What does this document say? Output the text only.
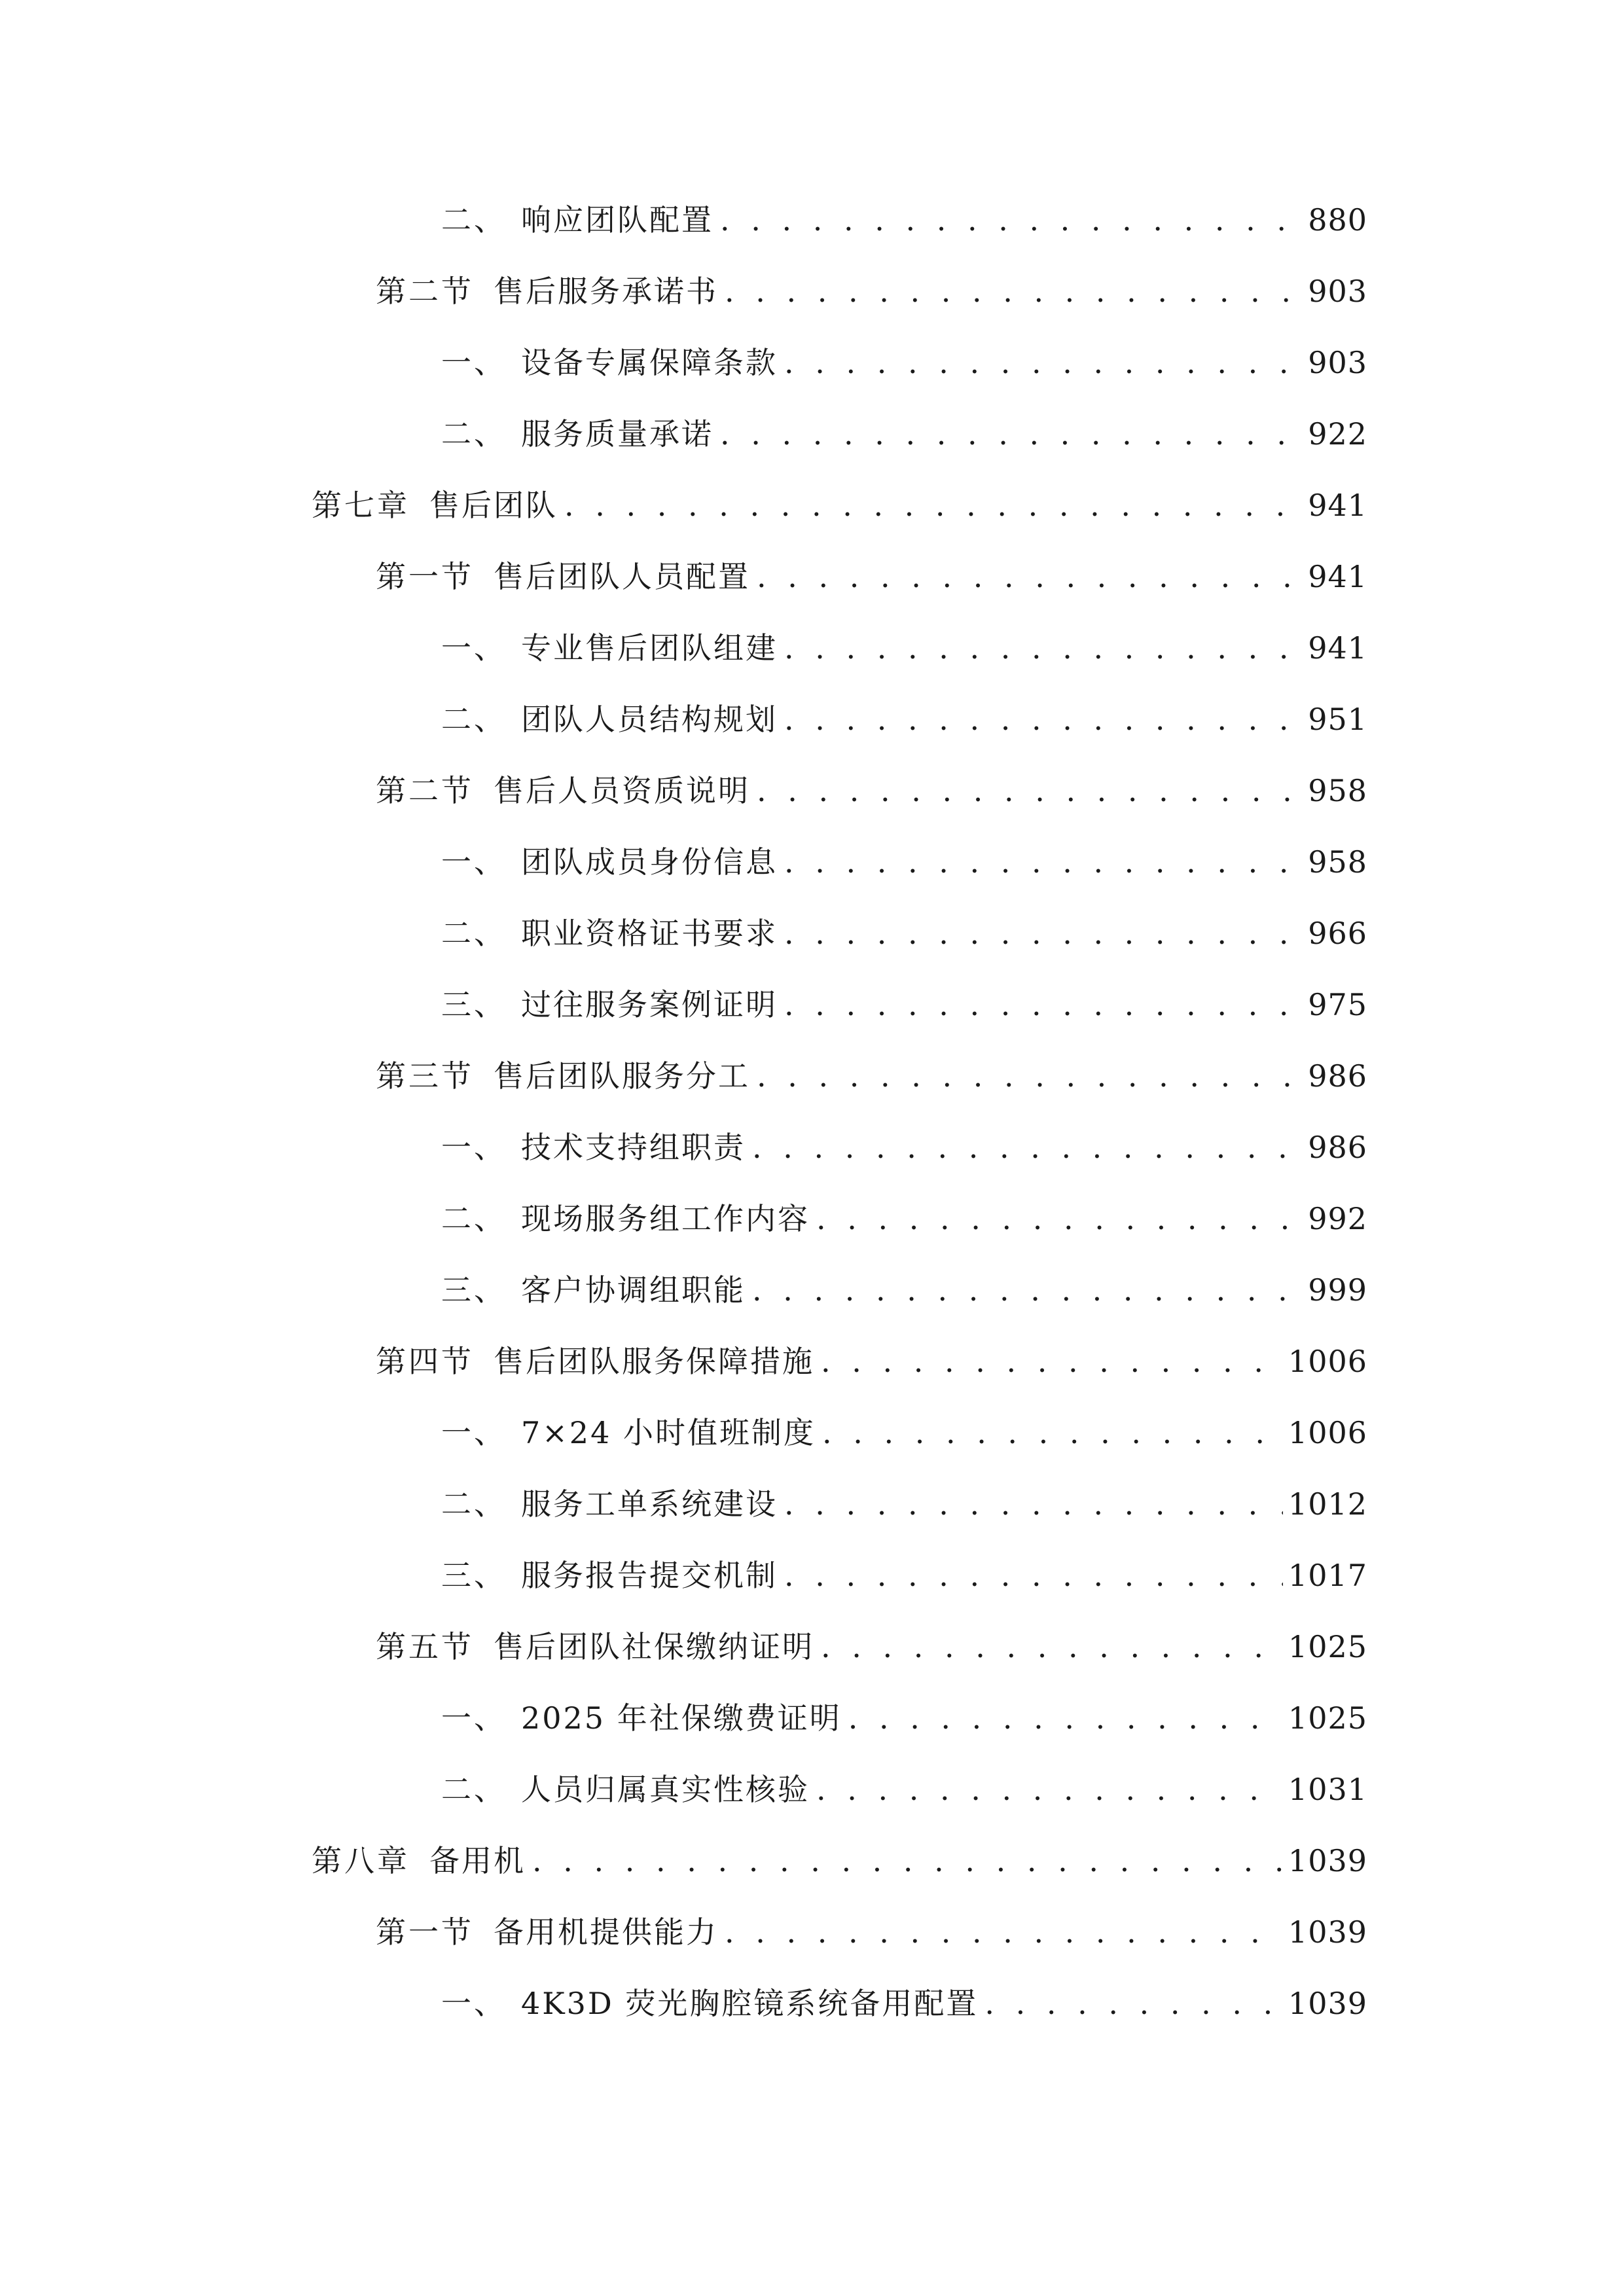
二、 响应团队配置 . . .	880
第二节 售后服务承诺书 . . .	903
一、 设备专属保障条款 . . .	903
二、 服务质量承诺 . . .	922
第七章 售后团队 . . .	941
第一节 售后团队人员配置 . . .	941
一、 专业售后团队组建 . . .	941
二、 团队人员结构规划 . . .	951
第二节 售后人员资质说明 . . .	958
一、 团队成员身份信息 . . .	958
二、 职业资格证书要求 . . .	966
三、 过往服务案例证明 . . .	975
第三节 售后团队服务分工 . . .	986
一、 技术支持组职责 . . .	986
二、 现场服务组工作内容 . . .	992
三、 客户协调组职能 . . .	999
第四节 售后团队服务保障措施 . . .	1006
一、 7×24 小时值班制度 . . .	1006
二、 服务工单系统建设 . . .	1012
三、 服务报告提交机制 . . .	1017
第五节 售后团队社保缴纳证明 . . .	1025
一、 2025 年社保缴费证明 . . .	1025
二、 人员归属真实性核验 . . .	1031
第八章 备用机 . . .	1039
第一节 备用机提供能力 . . .	1039
一、 4K3D 荧光胸腔镜系统备用配置 . . .	1039
